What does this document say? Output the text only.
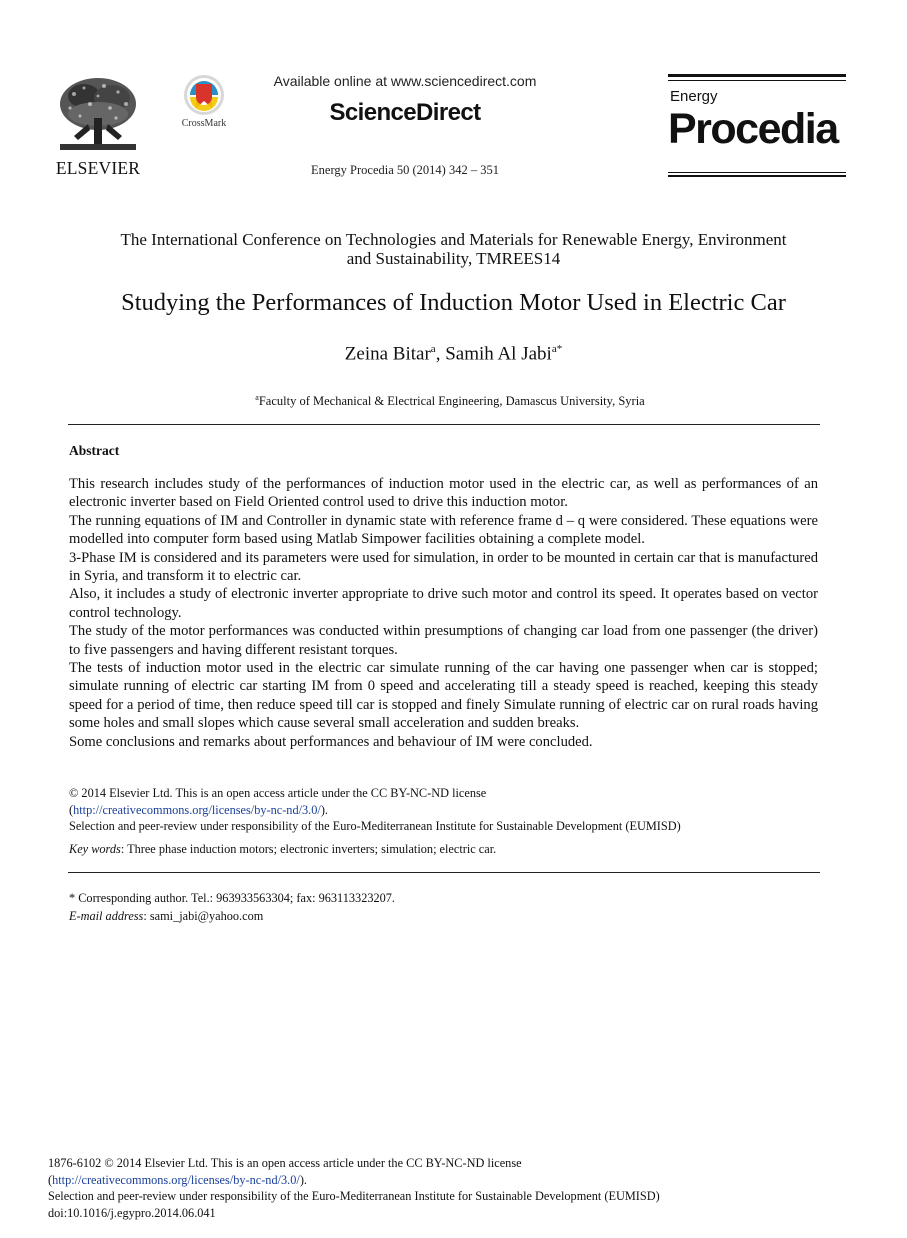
ELSEVIER
CrossMark
Available online at www.sciencedirect.com
ScienceDirect
Energy Procedia 50 (2014) 342 – 351
Energy
Procedia
The International Conference on Technologies and Materials for Renewable Energy, Environment
and Sustainability, TMREES14
Studying the Performances of Induction Motor Used in Electric Car
Zeina Bitar$^a$, Samih Al Jabi$^{a*}$
$^a$Faculty of Mechanical & Electrical Engineering, Damascus University, Syria
Abstract

This research includes study of the performances of induction motor used in the electric car, as well as performances of an electronic inverter based on Field Oriented control used to drive this induction motor.

The running equations of IM and Controller in dynamic state with reference frame d – q were considered. These equations were modelled into computer form based using Matlab Simpower facilities obtaining a complete model.

3-Phase IM is considered and its parameters were used for simulation, in order to be mounted in certain car that is manufactured in Syria, and transform it to electric car.

Also, it includes a study of electronic inverter appropriate to drive such motor and control its speed. It operates based on vector control technology.

The study of the motor performances was conducted within presumptions of changing car load from one passenger (the driver) to five passengers and having different resistant torques.

The tests of induction motor used in the electric car simulate running of the car having one passenger when car is stopped; simulate running of electric car starting IM from 0 speed and accelerating till a steady speed is reached, keeping this steady speed for a period of time, then reduce speed till car is stopped and finely Simulate running of electric car on rural roads having some holes and small slopes which cause several small acceleration and sudden breaks.

Some conclusions and remarks about performances and behaviour of IM were concluded.

© 2014 Elsevier Ltd. This is an open access article under the CC BY-NC-ND license

(http://creativecommons.org/licenses/by-nc-nd/3.0/).

Selection and peer-review under responsibility of the Euro-Mediterranean Institute for Sustainable Development (EUMISD)

Key words: Three phase induction motors; electronic inverters; simulation; electric car.

* Corresponding author. Tel.: 963933563304; fax: 963113323207.

E-mail address: sami_jabi@yahoo.com

1876-6102 © 2014 Elsevier Ltd. This is an open access article under the CC BY-NC-ND license

(http://creativecommons.org/licenses/by-nc-nd/3.0/).

Selection and peer-review under responsibility of the Euro-Mediterranean Institute for Sustainable Development (EUMISD)

doi:10.1016/j.egypro.2014.06.041
